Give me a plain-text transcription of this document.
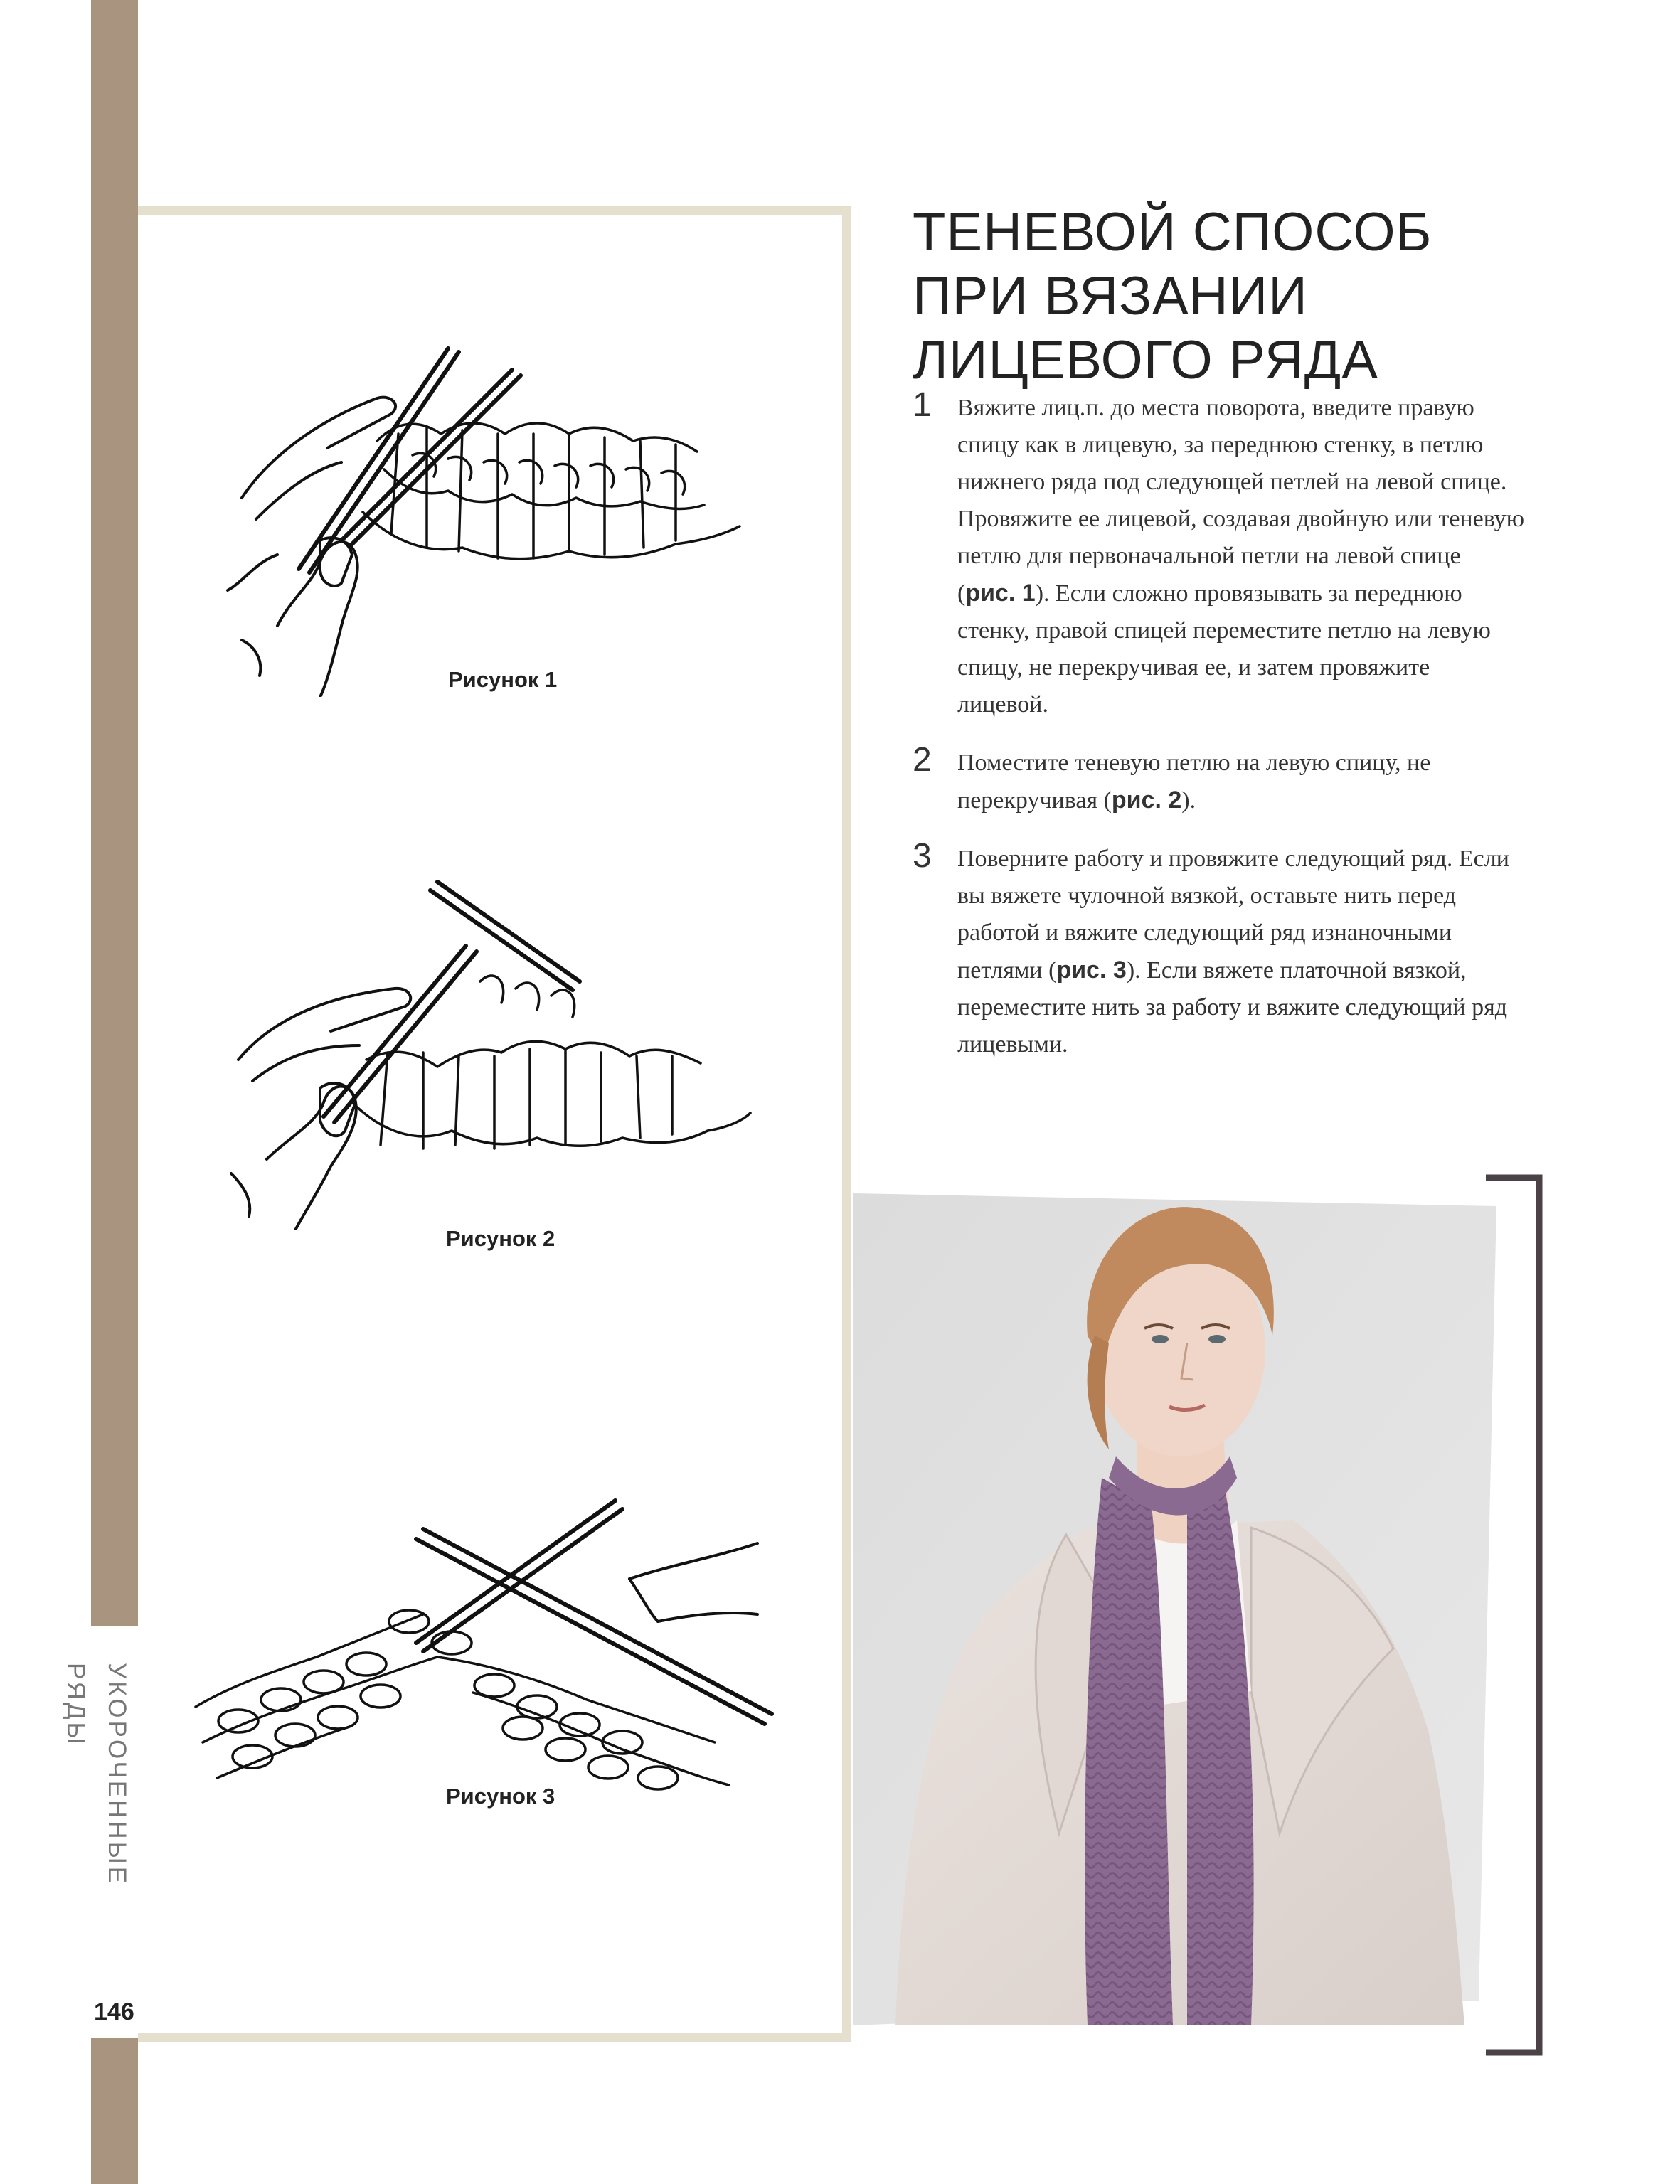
УКОРОЧЕННЫЕ РЯДЫ
146
Рисунок 1
Рисунок 2
Рисунок 3
ТЕНЕВОЙ СПОСОБ ПРИ ВЯЗАНИИ ЛИЦЕВОГО РЯДА
1 Вяжите лиц.п. до места поворота, введите правую спицу как в лицевую, за переднюю стенку, в петлю нижнего ряда под следующей петлей на левой спице. Провяжите ее лицевой, создавая двойную или теневую петлю для первоначальной петли на левой спице (рис. 1). Если сложно провязывать за переднюю стенку, правой спицей переместите петлю на левую спицу, не перекручивая ее, и затем провяжите лицевой.
2 Поместите теневую петлю на левую спицу, не перекручивая (рис. 2).
3 Поверните работу и провяжите следующий ряд. Если вы вяжете чулочной вязкой, оставьте нить перед работой и вяжите следующий ряд изнаночными петлями (рис. 3). Если вяжете платочной вязкой, переместите нить за работу и вяжите следующий ряд лицевыми.
